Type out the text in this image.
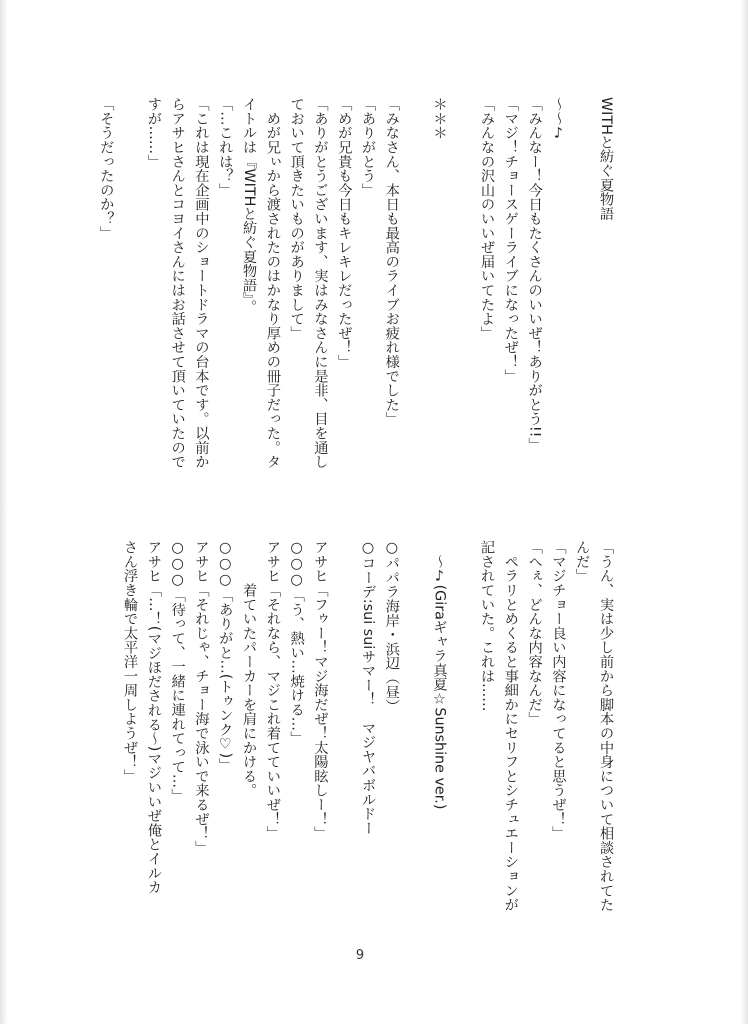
WITHと紡ぐ夏物語

〜〜♪
「みんなー！今日もたくさんのいいぜ！ありがとう!!」
「マジ！チョースゲーライブになったぜ！」
「みんなの沢山のいいぜ届いてたよ」

＊＊＊

「みなさん、本日も最高のライブお疲れ様でした」
「ありがとう」
「めが兄貴も今日もキレキレだったぜ！」
「ありがとうございます、実はみなさんに是非、目を通し
ておいて頂きたいものがありまして」
　めが兄ぃから渡されたのはかなり厚めの冊子だった。タ
イトルは『WITHと紡ぐ夏物語』。
「…これは？」
「これは現在企画中のショートドラマの台本です。以前か
らアサヒさんとコヨイさんにはお話させて頂いていたので
すが……」

「そうだったのか？」
「うん、実は少し前から脚本の中身について相談されてた
んだ」
「マジチョー良い内容になってると思うぜ！」
「へぇ、どんな内容なんだ」
　ペラリとめくると事細かにセリフとシチュエーションが
記されていた。これは……

　〜♪(Giraギャラ真夏☆Sunshine ver.)

○パパラ海岸・浜辺（昼）
○コーデ:sui suiサマー！　マジヤバボルドー

アサヒ「フゥー！マジ海だぜ！太陽眩しー！」
○○○「う、熱い…焼ける…」
アサヒ「それなら、マジこれ着てていいぜ！」
　　　着ていたパーカーを肩にかける。
○○○「ありがと…(トゥンク♡)」
アサヒ「それじゃ、チョー海で泳いで来るぜ！」
○○○「待って、一緒に連れてって…」
アサヒ「…！(マジほだされる〜)マジいいぜ俺とイルカ
さん浮き輪で太平洋一周しようぜ！」
9
